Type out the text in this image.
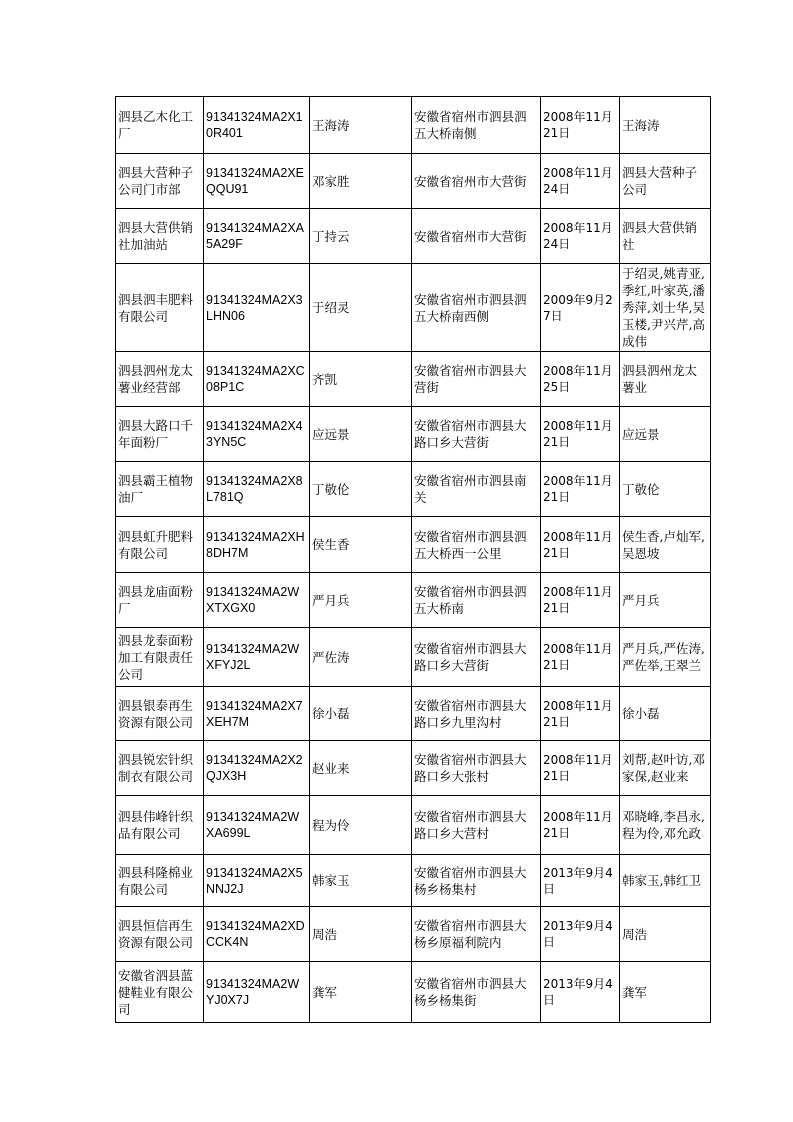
泗县乙木化工厂	91341324MA2X10R401	王海涛	安徽省宿州市泗县泗五大桥南侧	2008年11月21日	王海涛
泗县大营种子公司门市部	91341324MA2XEQQU91	邓家胜	安徽省宿州市大营街	2008年11月24日	泗县大营种子公司
泗县大营供销社加油站	91341324MA2XA5A29F	丁持云	安徽省宿州市大营街	2008年11月24日	泗县大营供销社
泗县泗丰肥料有限公司	91341324MA2X3LHN06	于绍灵	安徽省宿州市泗县泗五大桥南西侧	2009年9月27日	于绍灵,姚青亚,季红,叶家英,潘秀萍,刘士华,吴玉楼,尹兴芹,高成伟
泗县泗州龙太薯业经营部	91341324MA2XC08P1C	齐凯	安徽省宿州市泗县大营街	2008年11月25日	泗县泗州龙太薯业
泗县大路口千年面粉厂	91341324MA2X43YN5C	应远景	安徽省宿州市泗县大路口乡大营街	2008年11月21日	应远景
泗县霸王植物油厂	91341324MA2X8L781Q	丁敬伦	安徽省宿州市泗县南关	2008年11月21日	丁敬伦
泗县虹升肥料有限公司	91341324MA2XH8DH7M	侯生香	安徽省宿州市泗县泗五大桥西一公里	2008年11月21日	侯生香,卢灿军,吴恩坡
泗县龙庙面粉厂	91341324MA2WXTXGX0	严月兵	安徽省宿州市泗县泗五大桥南	2008年11月21日	严月兵
泗县龙泰面粉加工有限责任公司	91341324MA2WXFYJ2L	严佐涛	安徽省宿州市泗县大路口乡大营街	2008年11月21日	严月兵,严佐涛,严佐举,王翠兰
泗县银泰再生资源有限公司	91341324MA2X7XEH7M	徐小磊	安徽省宿州市泗县大路口乡九里沟村	2008年11月21日	徐小磊
泗县锐宏针织制衣有限公司	91341324MA2X2QJX3H	赵业来	安徽省宿州市泗县大路口乡大张村	2008年11月21日	刘帮,赵叶访,邓家保,赵业来
泗县伟峰针织品有限公司	91341324MA2WXA699L	程为伶	安徽省宿州市泗县大路口乡大营村	2008年11月21日	邓晓峰,李昌永,程为伶,邓允政
泗县科隆棉业有限公司	91341324MA2X5NNJ2J	韩家玉	安徽省宿州市泗县大杨乡杨集村	2013年9月4日	韩家玉,韩红卫
泗县恒信再生资源有限公司	91341324MA2XDCCK4N	周浩	安徽省宿州市泗县大杨乡原福利院内	2013年9月4日	周浩
安徽省泗县蓝健鞋业有限公司	91341324MA2WYJ0X7J	龚军	安徽省宿州市泗县大杨乡杨集街	2013年9月4日	龚军
